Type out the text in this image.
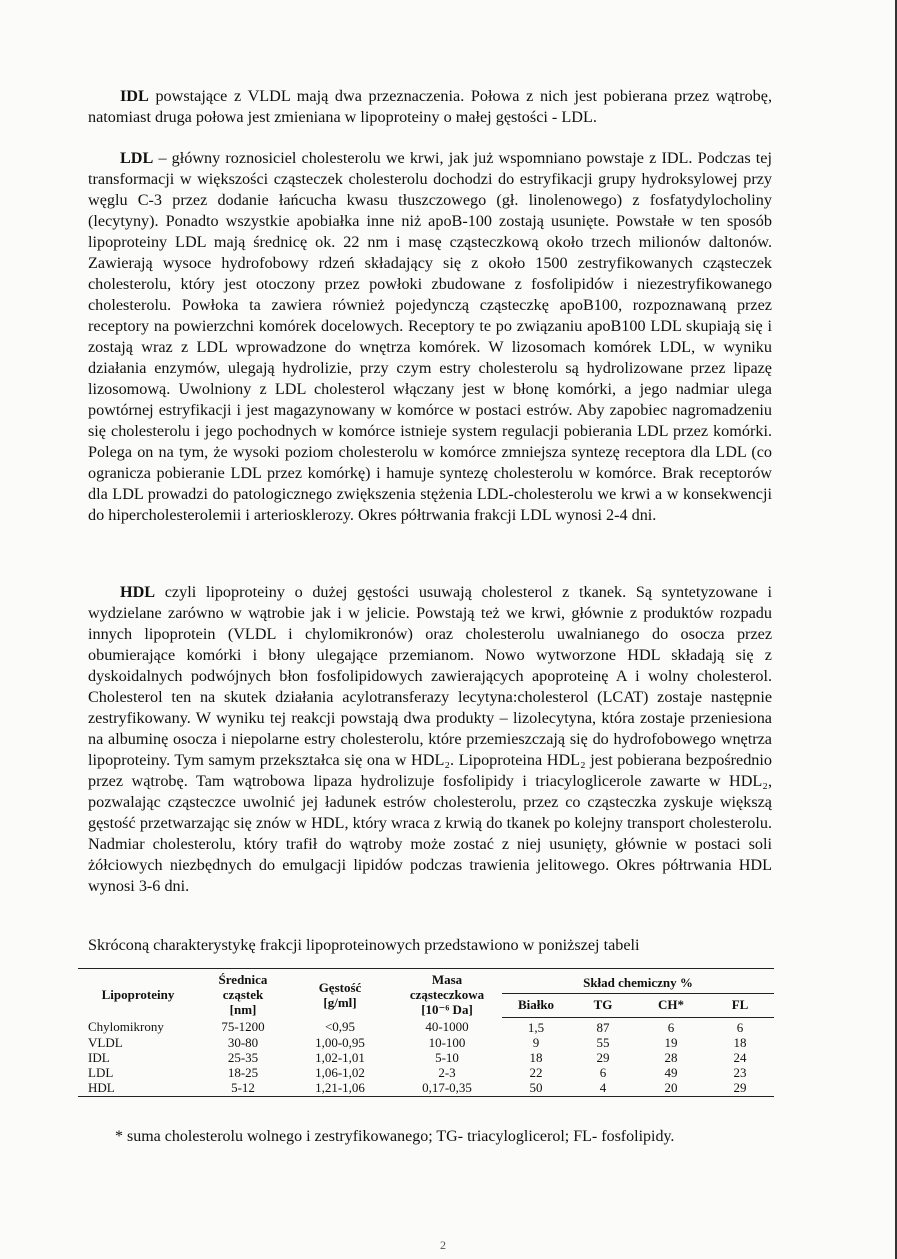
IDL powstające z VLDL mają dwa przeznaczenia. Połowa z nich jest pobierana przez wątrobę, natomiast druga połowa jest zmieniana w lipoproteiny o małej gęstości - LDL.

LDL – główny roznosiciel cholesterolu we krwi, jak już wspomniano powstaje z IDL. Podczas tej transformacji w większości cząsteczek cholesterolu dochodzi do estryfikacji grupy hydroksylowej przy węglu C-3 przez dodanie łańcucha kwasu tłuszczowego (gł. linolenowego) z fosfatydylocholiny (lecytyny). Ponadto wszystkie apobiałka inne niż apoB-100 zostają usunięte. Powstałe w ten sposób lipoproteiny LDL mają średnicę ok. 22 nm i masę cząsteczkową około trzech milionów daltonów. Zawierają wysoce hydrofobowy rdzeń składający się z około 1500 zestryfikowanych cząsteczek cholesterolu, który jest otoczony przez powłoki zbudowane z fosfolipidów i niezestryfikowanego cholesterolu. Powłoka ta zawiera również pojedynczą cząsteczkę apoB100, rozpoznawaną przez receptory na powierzchni komórek docelowych. Receptory te po związaniu apoB100 LDL skupiają się i zostają wraz z LDL wprowadzone do wnętrza komórek. W lizosomach komórek LDL, w wyniku działania enzymów, ulegają hydrolizie, przy czym estry cholesterolu są hydrolizowane przez lipazę lizosomową. Uwolniony z LDL cholesterol włączany jest w błonę komórki, a jego nadmiar ulega powtórnej estryfikacji i jest magazynowany w komórce w postaci estrów. Aby zapobiec nagromadzeniu się cholesterolu i jego pochodnych w komórce istnieje system regulacji pobierania LDL przez komórki. Polega on na tym, że wysoki poziom cholesterolu w komórce zmniejsza syntezę receptora dla LDL (co ogranicza pobieranie LDL przez komórkę) i hamuje syntezę cholesterolu w komórce. Brak receptorów dla LDL prowadzi do patologicznego zwiększenia stężenia LDL-cholesterolu we krwi a w konsekwencji do hipercholesterolemii i arteriosklerozy. Okres półtrwania frakcji LDL wynosi 2-4 dni.

HDL czyli lipoproteiny o dużej gęstości usuwają cholesterol z tkanek. Są syntetyzowane i wydzielane zarówno w wątrobie jak i w jelicie. Powstają też we krwi, głównie z produktów rozpadu innych lipoprotein (VLDL i chylomikronów) oraz cholesterolu uwalnianego do osocza przez obumierające komórki i błony ulegające przemianom. Nowo wytworzone HDL składają się z dyskoidalnych podwójnych błon fosfolipidowych zawierających apoproteinę A i wolny cholesterol. Cholesterol ten na skutek działania acylotransferazy lecytyna:cholesterol (LCAT) zostaje następnie zestryfikowany. W wyniku tej reakcji powstają dwa produkty – lizolecytyna, która zostaje przeniesiona na albuminę osocza i niepolarne estry cholesterolu, które przemieszczają się do hydrofobowego wnętrza lipoproteiny. Tym samym przekształca się ona w HDL₂. Lipoproteina HDL₂ jest pobierana bezpośrednio przez wątrobę. Tam wątrobowa lipaza hydrolizuje fosfolipidy i triacyloglicerole zawarte w HDL₂, pozwalając cząsteczce uwolnić jej ładunek estrów cholesterolu, przez co cząsteczka zyskuje większą gęstość przetwarzając się znów w HDL, który wraca z krwią do tkanek po kolejny transport cholesterolu. Nadmiar cholesterolu, który trafił do wątroby może zostać z niej usunięty, głównie w postaci soli żółciowych niezbędnych do emulgacji lipidów podczas trawienia jelitowego. Okres półtrwania HDL wynosi 3-6 dni.

Skróconą charakterystykę frakcji lipoproteinowych przedstawiono w poniższej tabeli

Lipoproteiny	Średnica
cząstek
[nm]	Gęstość
[g/ml]	Masa
cząsteczkowa
[10⁻⁶ Da]	Skład chemiczny %			
				Białko	TG	CH*	FL
Chylomikrony	75-1200	<0,95	40-1000	1,5	87	6	6
VLDL	30-80	1,00-0,95	10-100	9	55	19	18
IDL	25-35	1,02-1,01	5-10	18	29	28	24
LDL	18-25	1,06-1,02	2-3	22	6	49	23
HDL	5-12	1,21-1,06	0,17-0,35	50	4	20	29

* suma cholesterolu wolnego i zestryfikowanego; TG- triacyloglicerol; FL- fosfolipidy.

2
